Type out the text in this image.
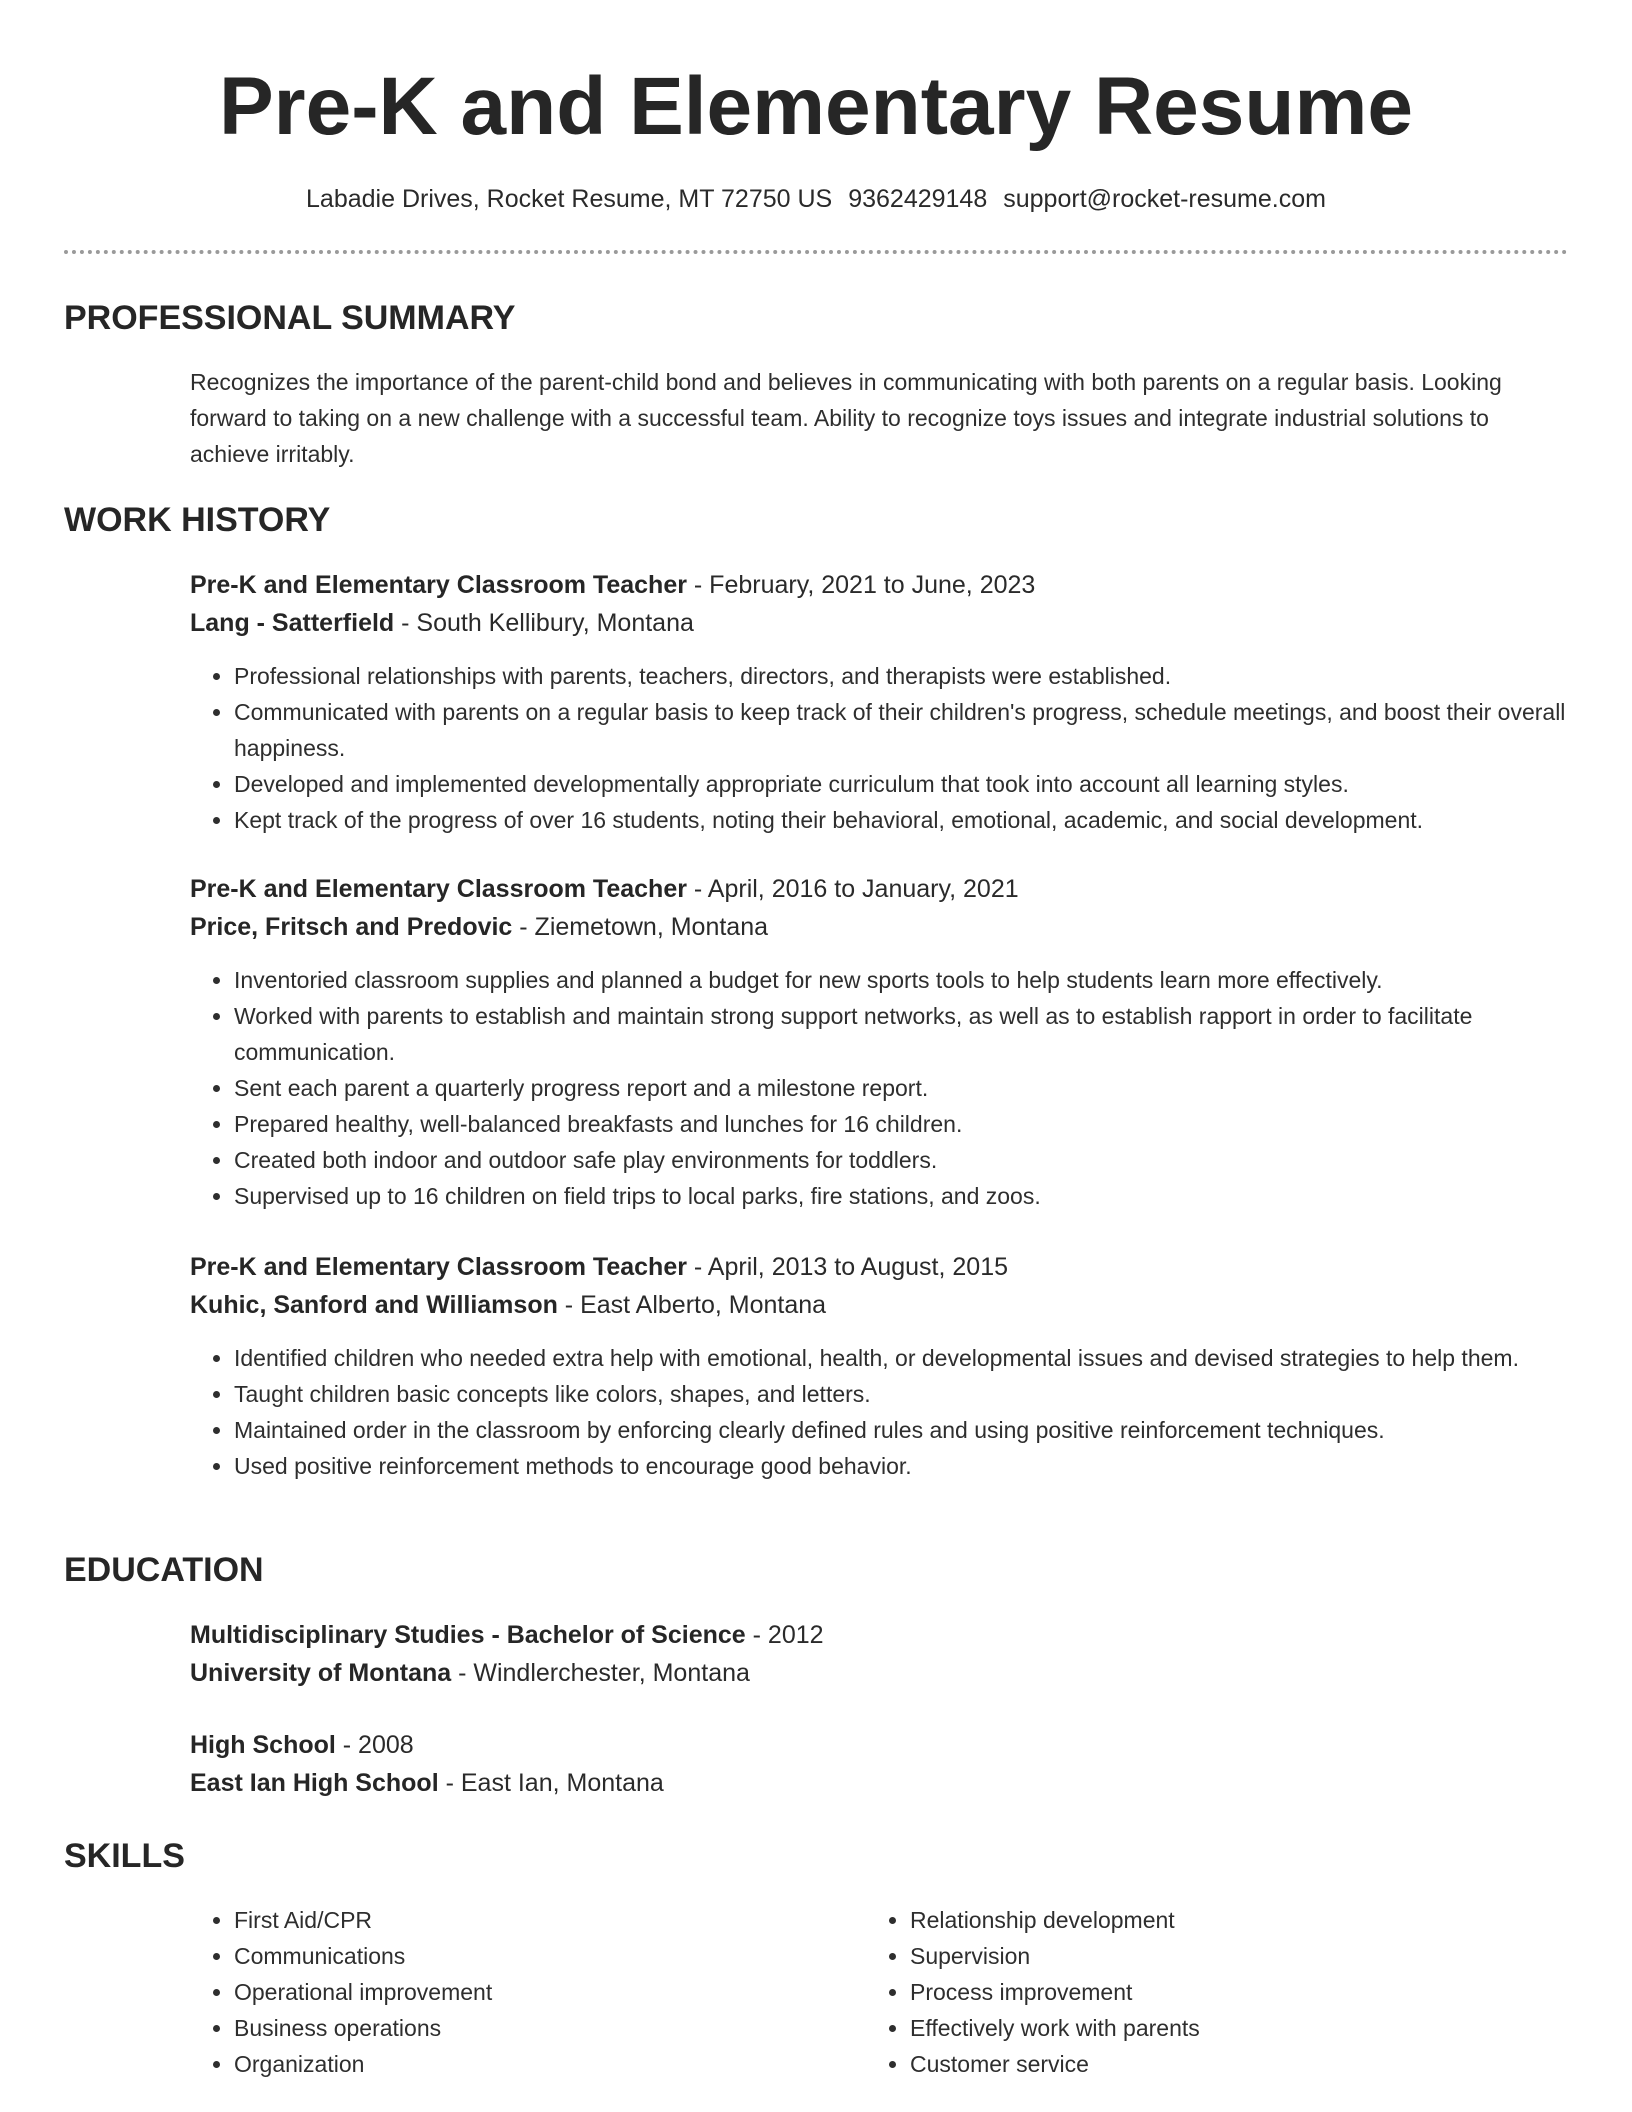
Pre-K and Elementary Resume
Labadie Drives, Rocket Resume, MT 72750 US 9362429148 support@rocket-resume.com
PROFESSIONAL SUMMARY
Recognizes the importance of the parent-child bond and believes in communicating with both parents on a regular basis. Looking forward to taking on a new challenge with a successful team. Ability to recognize toys issues and integrate industrial solutions to achieve irritably.
WORK HISTORY
Pre-K and Elementary Classroom Teacher - February, 2021 to June, 2023
Lang - Satterfield - South Kellibury, Montana
• Professional relationships with parents, teachers, directors, and therapists were established.
• Communicated with parents on a regular basis to keep track of their children's progress, schedule meetings, and boost their overall happiness.
• Developed and implemented developmentally appropriate curriculum that took into account all learning styles.
• Kept track of the progress of over 16 students, noting their behavioral, emotional, academic, and social development.
Pre-K and Elementary Classroom Teacher - April, 2016 to January, 2021
Price, Fritsch and Predovic - Ziemetown, Montana
• Inventoried classroom supplies and planned a budget for new sports tools to help students learn more effectively.
• Worked with parents to establish and maintain strong support networks, as well as to establish rapport in order to facilitate communication.
• Sent each parent a quarterly progress report and a milestone report.
• Prepared healthy, well-balanced breakfasts and lunches for 16 children.
• Created both indoor and outdoor safe play environments for toddlers.
• Supervised up to 16 children on field trips to local parks, fire stations, and zoos.
Pre-K and Elementary Classroom Teacher - April, 2013 to August, 2015
Kuhic, Sanford and Williamson - East Alberto, Montana
• Identified children who needed extra help with emotional, health, or developmental issues and devised strategies to help them.
• Taught children basic concepts like colors, shapes, and letters.
• Maintained order in the classroom by enforcing clearly defined rules and using positive reinforcement techniques.
• Used positive reinforcement methods to encourage good behavior.
EDUCATION
Multidisciplinary Studies - Bachelor of Science - 2012
University of Montana - Windlerchester, Montana
High School - 2008
East Ian High School - East Ian, Montana
SKILLS
• First Aid/CPR
• Communications
• Operational improvement
• Business operations
• Organization
• Relationship development
• Supervision
• Process improvement
• Effectively work with parents
• Customer service
